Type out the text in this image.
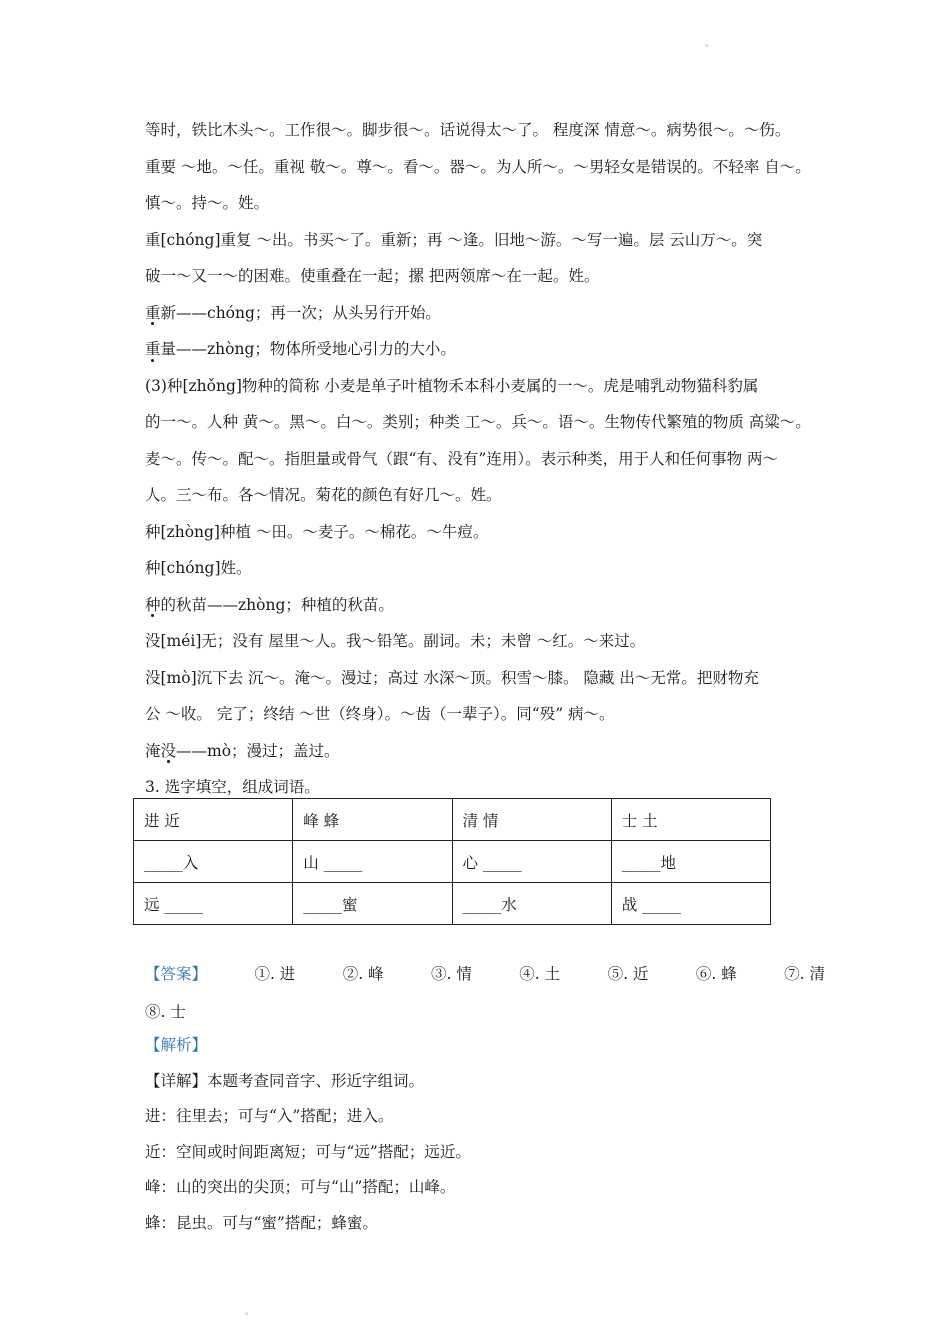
。
等时，铁比木头～。工作很～。脚步很～。话说得太～了。 程度深 情意～。病势很～。～伤。
重要 ～地。～任。重视 敬～。尊～。看～。器～。为人所～。～男轻女是错误的。不轻率 自～。
慎～。持～。姓。
重[chóng]重复 ～出。书买～了。重新；再 ～逢。旧地～游。～写一遍。层 云山万～。突
破一～又一～的困难。使重叠在一起；摞 把两领席～在一起。姓。
重新——chóng；再一次；从头另行开始。
重量——zhòng；物体所受地心引力的大小。
(3)种[zhǒng]物种的简称 小麦是单子叶植物禾本科小麦属的一～。虎是哺乳动物猫科豹属
的一～。人种 黄～。黑～。白～。类别；种类 工～。兵～。语～。生物传代繁殖的物质 高粱～。
麦～。传～。配～。指胆量或骨气（跟“有、没有”连用）。表示种类，用于人和任何事物 两～
人。三～布。各～情况。菊花的颜色有好几～。姓。
种[zhòng]种植 ～田。～麦子。～棉花。～牛痘。
种[chóng]姓。
种的秋苗——zhòng；种植的秋苗。
没[méi]无；没有 屋里～人。我～铅笔。副词。未；未曾 ～红。～来过。
没[mò]沉下去 沉～。淹～。漫过；高过 水深～顶。积雪～膝。 隐藏 出～无常。把财物充
公 ～收。 完了；终结 ～世（终身）。～齿（一辈子）。同“殁” 病～。
淹没——mò；漫过；盖过。
3. 选字填空，组成词语。
进 近	峰 蜂	清 情	士 土
_____入	山 _____	心 _____	_____地
远 _____	_____蜜	_____水	战 _____
【答案】	①. 进	②. 峰	③. 情	④. 土	⑤. 近	⑥. 蜂	⑦. 清
⑧. 士
【解析】
【详解】本题考查同音字、形近字组词。
进：往里去；可与“入”搭配；进入。
近：空间或时间距离短；可与“远”搭配；远近。
峰：山的突出的尖顶；可与“山”搭配；山峰。
蜂：昆虫。可与“蜜”搭配；蜂蜜。
。
